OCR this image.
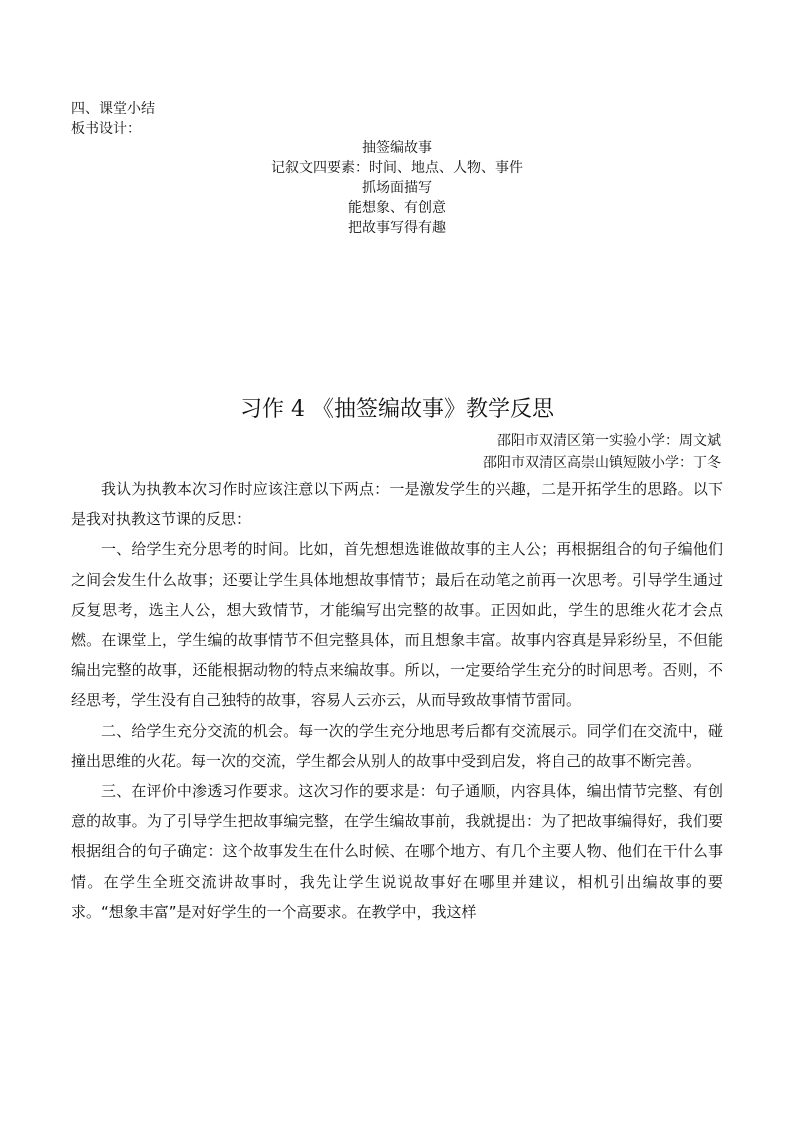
四、课堂小结
板书设计：
抽签编故事
记叙文四要素：时间、地点、人物、事件
抓场面描写
能想象、有创意
把故事写得有趣
习作 4 《抽签编故事》教学反思
邵阳市双清区第一实验小学：周文斌
邵阳市双清区高崇山镇短陂小学：丁冬

我认为执教本次习作时应该注意以下两点：一是激发学生的兴趣，二是开拓学生的思路。以下是我对执教这节课的反思：

一、给学生充分思考的时间。比如，首先想想选谁做故事的主人公；再根据组合的句子编他们之间会发生什么故事；还要让学生具体地想故事情节；最后在动笔之前再一次思考。引导学生通过反复思考，选主人公，想大致情节，才能编写出完整的故事。正因如此，学生的思维火花才会点燃。在课堂上，学生编的故事情节不但完整具体，而且想象丰富。故事内容真是异彩纷呈，不但能编出完整的故事，还能根据动物的特点来编故事。所以，一定要给学生充分的时间思考。否则，不经思考，学生没有自己独特的故事，容易人云亦云，从而导致故事情节雷同。

二、给学生充分交流的机会。每一次的学生充分地思考后都有交流展示。同学们在交流中，碰撞出思维的火花。每一次的交流，学生都会从别人的故事中受到启发，将自己的故事不断完善。

三、在评价中渗透习作要求。这次习作的要求是：句子通顺，内容具体，编出情节完整、有创意的故事。为了引导学生把故事编完整，在学生编故事前，我就提出：为了把故事编得好，我们要根据组合的句子确定：这个故事发生在什么时候、在哪个地方、有几个主要人物、他们在干什么事情。在学生全班交流讲故事时，我先让学生说说故事好在哪里并建议，相机引出编故事的要求。“想象丰富”是对好学生的一个高要求。在教学中，我这样
